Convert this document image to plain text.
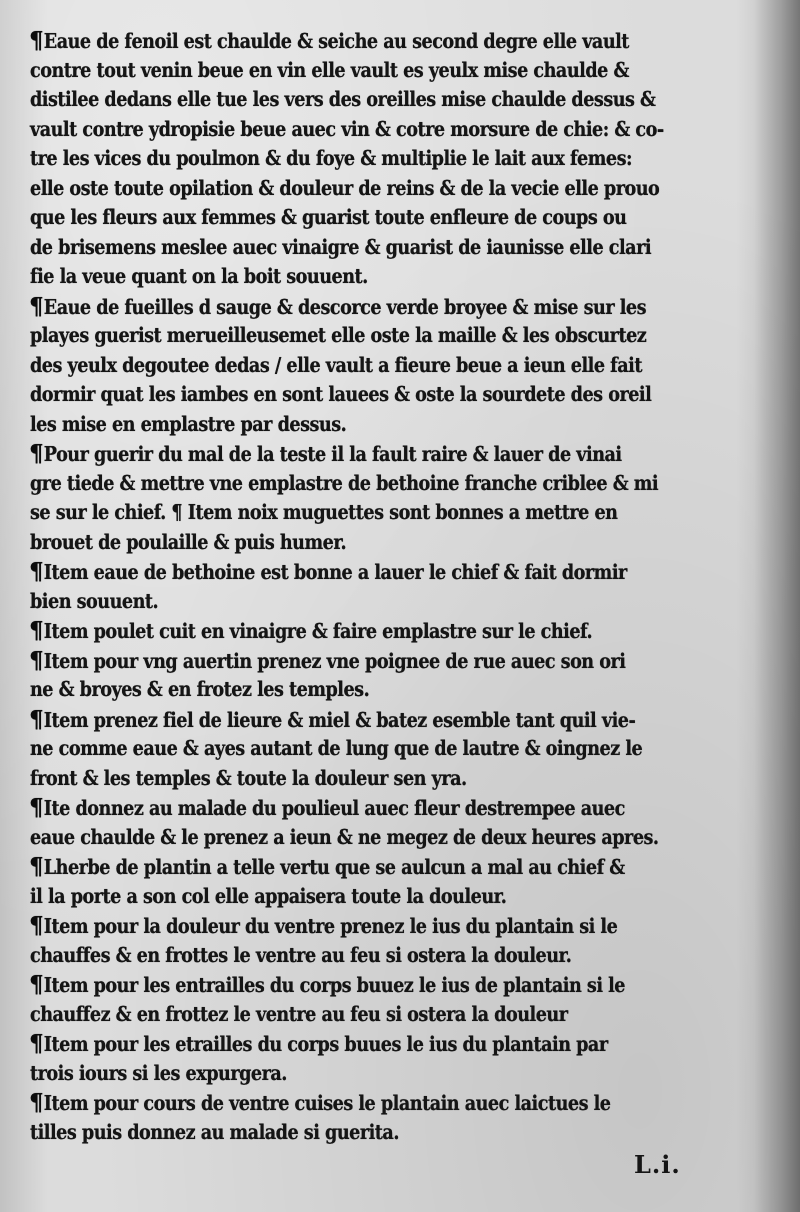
¶Eaue de fenoil est chaulde & seiche au second degre elle vault
contre tout venin beue en vin elle vault es yeulx mise chaulde &
distilee dedans elle tue les vers des oreilles mise chaulde dessus &
vault contre ydropisie beue auec vin & cotre morsure de chie: & co-
tre les vices du poulmon & du foye & multiplie le lait aux femes:
elle oste toute opilation & douleur de reins & de la vecie elle prouo
que les fleurs aux femmes & guarist toute enfleure de coups ou
de brisemens meslee auec vinaigre & guarist de iaunisse elle clari
fie la veue quant on la boit souuent.
¶Eaue de fueilles d sauge & descorce verde broyee & mise sur les
playes guerist merueilleusemet elle oste la maille & les obscurtez
des yeulx degoutee dedas / elle vault a fieure beue a ieun elle fait
dormir quat les iambes en sont lauees & oste la sourdete des oreil
les mise en emplastre par dessus.
¶Pour guerir du mal de la teste il la fault raire & lauer de vinai
gre tiede & mettre vne emplastre de bethoine franche criblee & mi
se sur le chief. ¶ Item noix muguettes sont bonnes a mettre en
brouet de poulaille & puis humer.
¶Item eaue de bethoine est bonne a lauer le chief & fait dormir
bien souuent.
¶Item poulet cuit en vinaigre & faire emplastre sur le chief.
¶Item pour vng auertin prenez vne poignee de rue auec son ori
ne & broyes & en frotez les temples.
¶Item prenez fiel de lieure & miel & batez esemble tant quil vie-
ne comme eaue & ayes autant de lung que de lautre & oingnez le
front & les temples & toute la douleur sen yra.
¶Ite donnez au malade du poulieul auec fleur destrempee auec
eaue chaulde & le prenez a ieun & ne megez de deux heures apres.
¶Lherbe de plantin a telle vertu que se aulcun a mal au chief &
il la porte a son col elle appaisera toute la douleur.
¶Item pour la douleur du ventre prenez le ius du plantain si le
chauffes & en frottes le ventre au feu si ostera la douleur.
¶Item pour les entrailles du corps buuez le ius de plantain si le
chauffez & en frottez le ventre au feu si ostera la douleur
¶Item pour les etrailles du corps buues le ius du plantain par
trois iours si les expurgera.
¶Item pour cours de ventre cuises le plantain auec laictues le
tilles puis donnez au malade si guerita.
L.i.
